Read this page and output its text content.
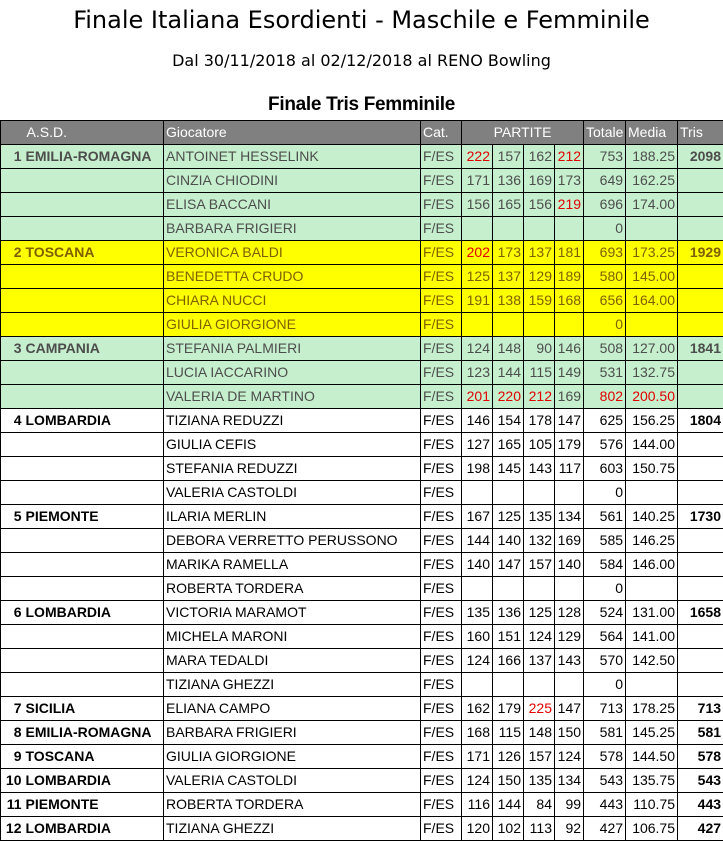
Finale Italiana Esordienti - Maschile e Femminile
Dal 30/11/2018 al 02/12/2018 al RENO Bowling
Finale Tris Femminile
	A.S.D.	Giocatore	Cat.	PARTITE				Totale	Media	Tris
1	EMILIA-ROMAGNA	ANTOINET HESSELINK	F/ES	222	157	162	212	753	188.25	2098
		CINZIA CHIODINI	F/ES	171	136	169	173	649	162.25	
		ELISA BACCANI	F/ES	156	165	156	219	696	174.00	
		BARBARA FRIGIERI	F/ES					0		
2	TOSCANA	VERONICA BALDI	F/ES	202	173	137	181	693	173.25	1929
		BENEDETTA CRUDO	F/ES	125	137	129	189	580	145.00	
		CHIARA NUCCI	F/ES	191	138	159	168	656	164.00	
		GIULIA GIORGIONE	F/ES					0		
3	CAMPANIA	STEFANIA PALMIERI	F/ES	124	148	90	146	508	127.00	1841
		LUCIA IACCARINO	F/ES	123	144	115	149	531	132.75	
		VALERIA DE MARTINO	F/ES	201	220	212	169	802	200.50	
4	LOMBARDIA	TIZIANA REDUZZI	F/ES	146	154	178	147	625	156.25	1804
		GIULIA CEFIS	F/ES	127	165	105	179	576	144.00	
		STEFANIA REDUZZI	F/ES	198	145	143	117	603	150.75	
		VALERIA CASTOLDI	F/ES					0		
5	PIEMONTE	ILARIA MERLIN	F/ES	167	125	135	134	561	140.25	1730
		DEBORA VERRETTO PERUSSONO	F/ES	144	140	132	169	585	146.25	
		MARIKA RAMELLA	F/ES	140	147	157	140	584	146.00	
		ROBERTA TORDERA	F/ES					0		
6	LOMBARDIA	VICTORIA MARAMOT	F/ES	135	136	125	128	524	131.00	1658
		MICHELA MARONI	F/ES	160	151	124	129	564	141.00	
		MARA TEDALDI	F/ES	124	166	137	143	570	142.50	
		TIZIANA GHEZZI	F/ES					0		
7	SICILIA	ELIANA CAMPO	F/ES	162	179	225	147	713	178.25	713
8	EMILIA-ROMAGNA	BARBARA FRIGIERI	F/ES	168	115	148	150	581	145.25	581
9	TOSCANA	GIULIA GIORGIONE	F/ES	171	126	157	124	578	144.50	578
10	LOMBARDIA	VALERIA CASTOLDI	F/ES	124	150	135	134	543	135.75	543
11	PIEMONTE	ROBERTA TORDERA	F/ES	116	144	84	99	443	110.75	443
12	LOMBARDIA	TIZIANA GHEZZI	F/ES	120	102	113	92	427	106.75	427
